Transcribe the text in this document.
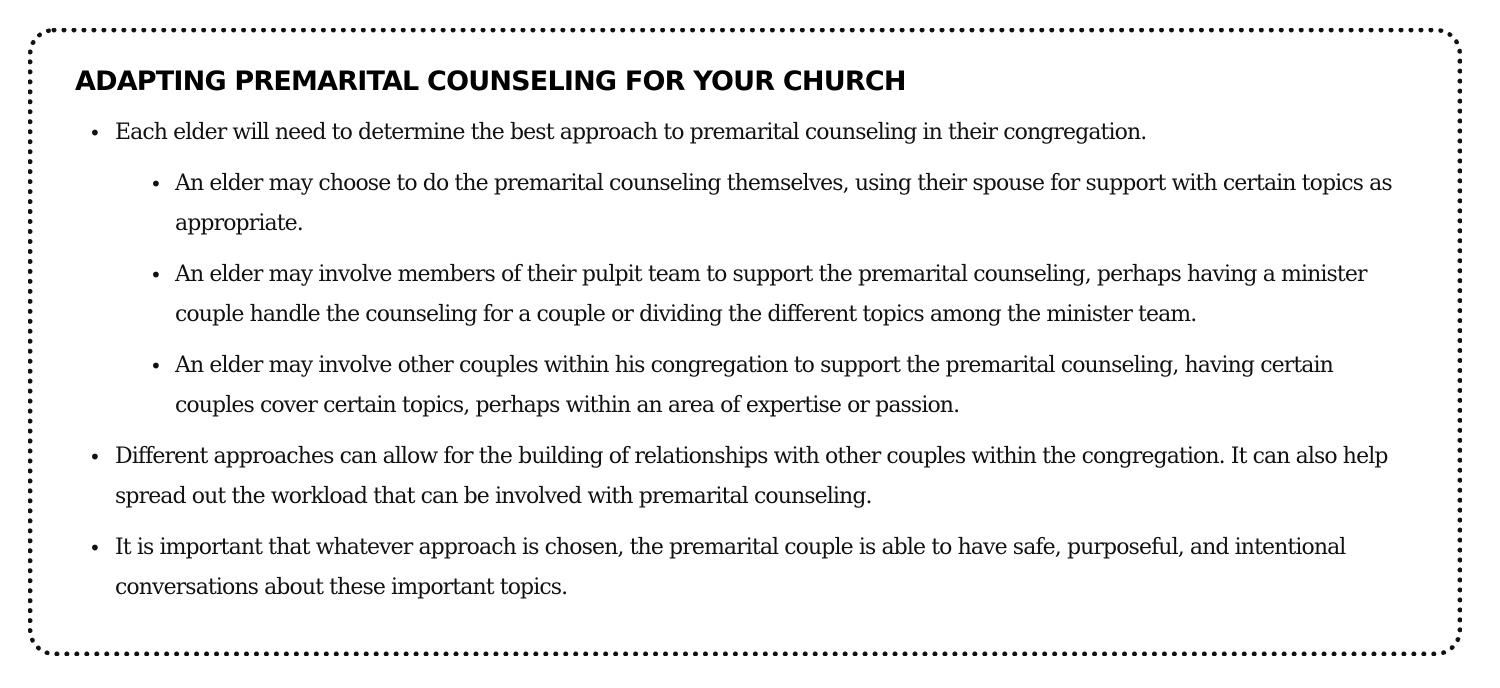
ADAPTING PREMARITAL COUNSELING FOR YOUR CHURCH
• Each elder will need to determine the best approach to premarital counseling in their congregation.
• An elder may choose to do the premarital counseling themselves, using their spouse for support with certain topics as appropriate.
• An elder may involve members of their pulpit team to support the premarital counseling, perhaps having a minister couple handle the counseling for a couple or dividing the different topics among the minister team.
• An elder may involve other couples within his congregation to support the premarital counseling, having certain couples cover certain topics, perhaps within an area of expertise or passion.
• Different approaches can allow for the building of relationships with other couples within the congregation. It can also help spread out the workload that can be involved with premarital counseling.
• It is important that whatever approach is chosen, the premarital couple is able to have safe, purposeful, and intentional conversations about these important topics.
